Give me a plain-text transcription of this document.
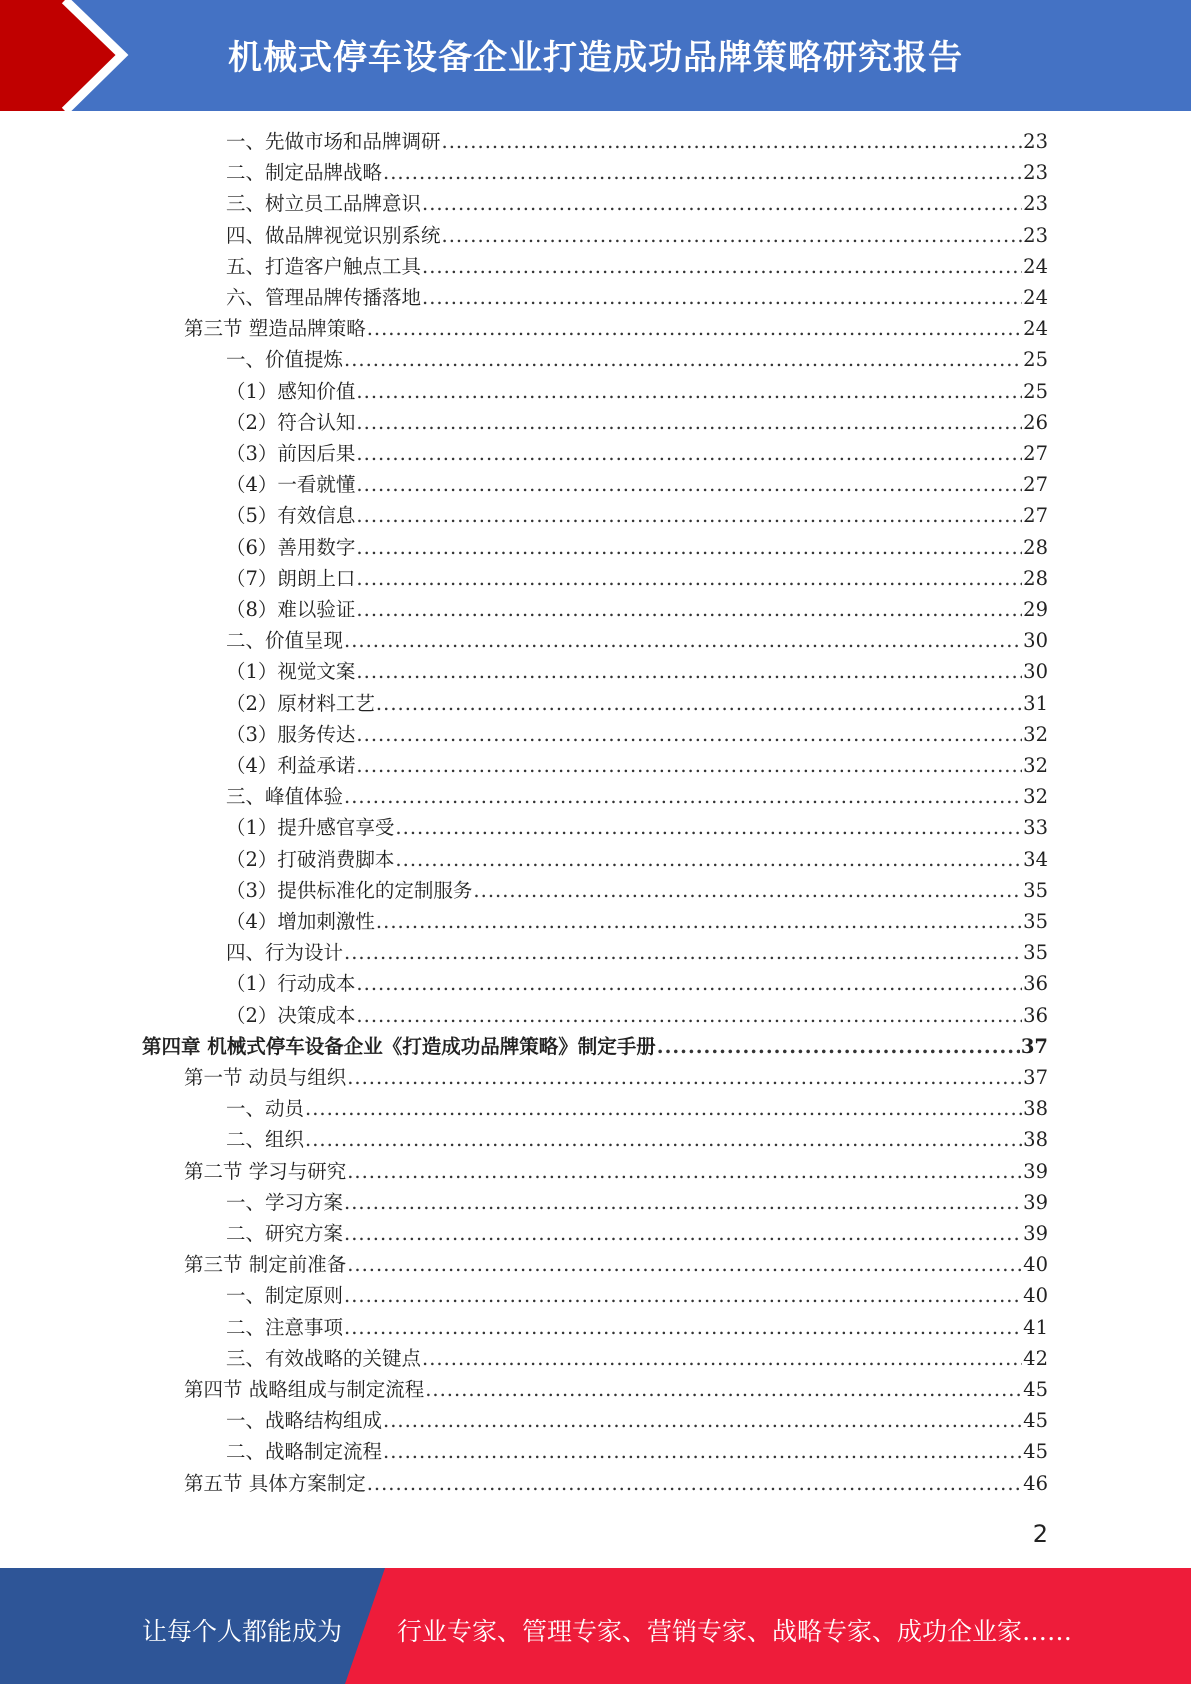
机械式停车设备企业打造成功品牌策略研究报告
一、先做市场和品牌调研 .....	23
二、制定品牌战略 .....	23
三、树立员工品牌意识 .....	23
四、做品牌视觉识别系统 .....	23
五、打造客户触点工具 .....	24
六、管理品牌传播落地 .....	24
第三节 塑造品牌策略 .....	24
一、价值提炼 .....	25
（1）感知价值 .....	25
（2）符合认知 .....	26
（3）前因后果 .....	27
（4）一看就懂 .....	27
（5）有效信息 .....	27
（6）善用数字 .....	28
（7）朗朗上口 .....	28
（8）难以验证 .....	29
二、价值呈现 .....	30
（1）视觉文案 .....	30
（2）原材料工艺 .....	31
（3）服务传达 .....	32
（4）利益承诺 .....	32
三、峰值体验 .....	32
（1）提升感官享受 .....	33
（2）打破消费脚本 .....	34
（3）提供标准化的定制服务 .....	35
（4）增加刺激性 .....	35
四、行为设计 .....	35
（1）行动成本 .....	36
（2）决策成本 .....	36
第四章 机械式停车设备企业《打造成功品牌策略》制定手册 .....	37
第一节 动员与组织 .....	37
一、动员 .....	38
二、组织 .....	38
第二节 学习与研究 .....	39
一、学习方案 .....	39
二、研究方案 .....	39
第三节 制定前准备 .....	40
一、制定原则 .....	40
二、注意事项 .....	41
三、有效战略的关键点 .....	42
第四节 战略组成与制定流程 .....	45
一、战略结构组成 .....	45
二、战略制定流程 .....	45
第五节 具体方案制定 .....	46
2
让每个人都能成为 行业专家、管理专家、营销专家、战略专家、成功企业家……
